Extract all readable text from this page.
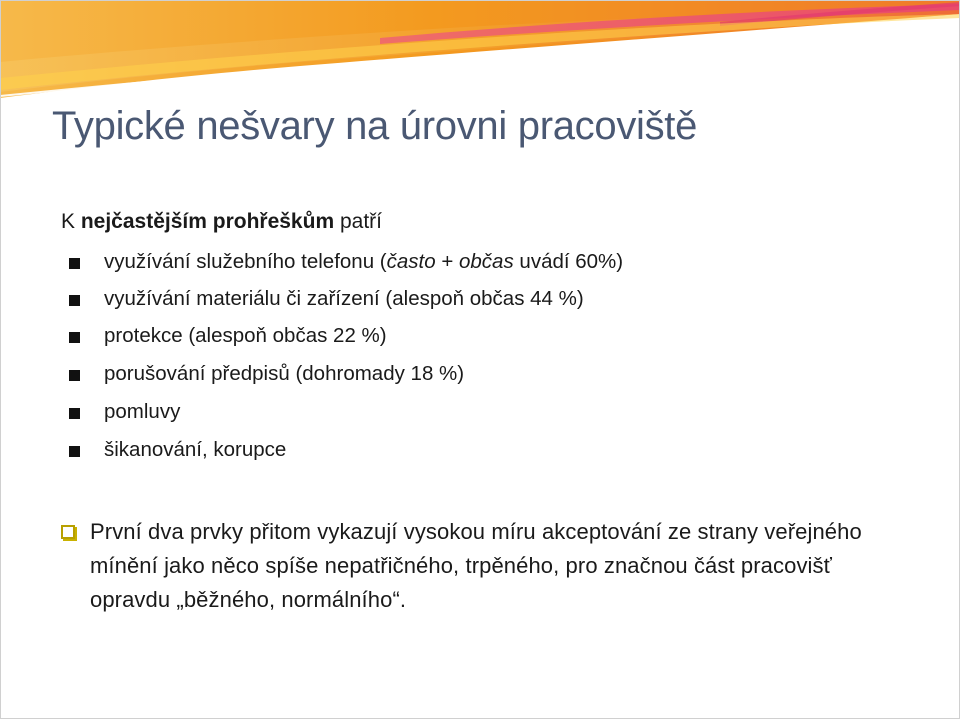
Typické nešvary na úrovni pracoviště

K nejčastějším prohřeškům patří

využívání služebního telefonu (často + občas uvádí 60%)
využívání materiálu či zařízení (alespoň občas 44 %)
protekce (alespoň občas 22 %)
porušování předpisů (dohromady 18 %)
pomluvy
šikanování, korupce

První dva prvky přitom vykazují vysokou míru akceptování ze strany veřejného mínění jako něco spíše nepatřičného, trpěného, pro značnou část pracovišť opravdu „běžného, normálního“.
